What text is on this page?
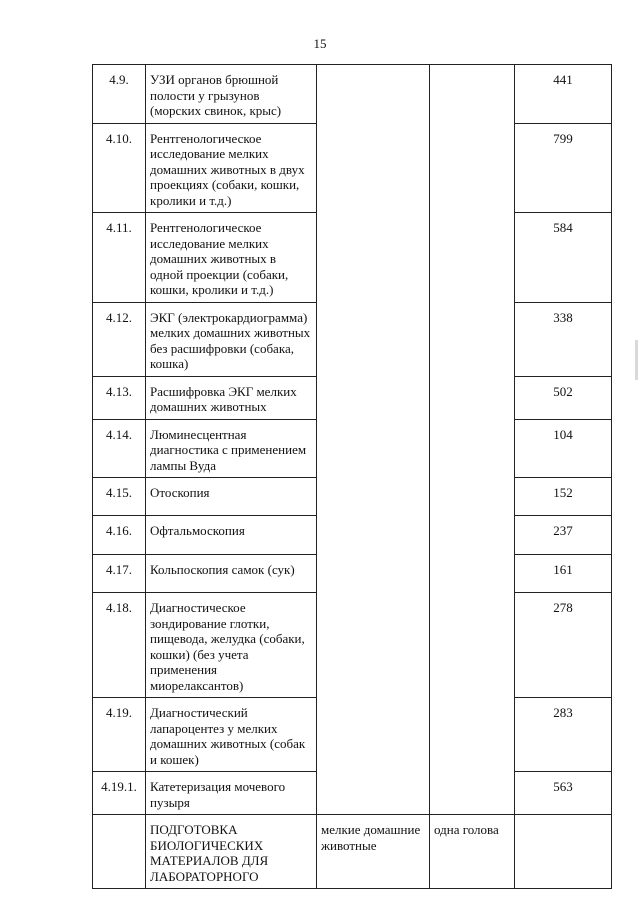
15
4.9.	УЗИ органов брюшной полости у грызунов (морских свинок, крыс)			441
4.10.	Рентгенологическое исследование мелких домашних животных в двух проекциях (собаки, кошки, кролики и т.д.)			799
4.11.	Рентгенологическое исследование мелких домашних животных в одной проекции (собаки, кошки, кролики и т.д.)			584
4.12.	ЭКГ (электрокардиограмма) мелких домашних животных без расшифровки (собака, кошка)			338
4.13.	Расшифровка ЭКГ мелких домашних животных			502
4.14.	Люминесцентная диагностика с применением лампы Вуда			104
4.15.	Отоскопия			152
4.16.	Офтальмоскопия			237
4.17.	Кольпоскопия самок (сук)			161
4.18.	Диагностическое зондирование глотки, пищевода, желудка (собаки, кошки) (без учета применения миорелаксантов)			278
4.19.	Диагностический лапароцентез у мелких домашних животных (собак и кошек)			283
4.19.1.	Катетеризация мочевого пузыря			563
	ПОДГОТОВКА БИОЛОГИЧЕСКИХ МАТЕРИАЛОВ ДЛЯ ЛАБОРАТОРНОГО	мелкие домашние животные	одна голова	
